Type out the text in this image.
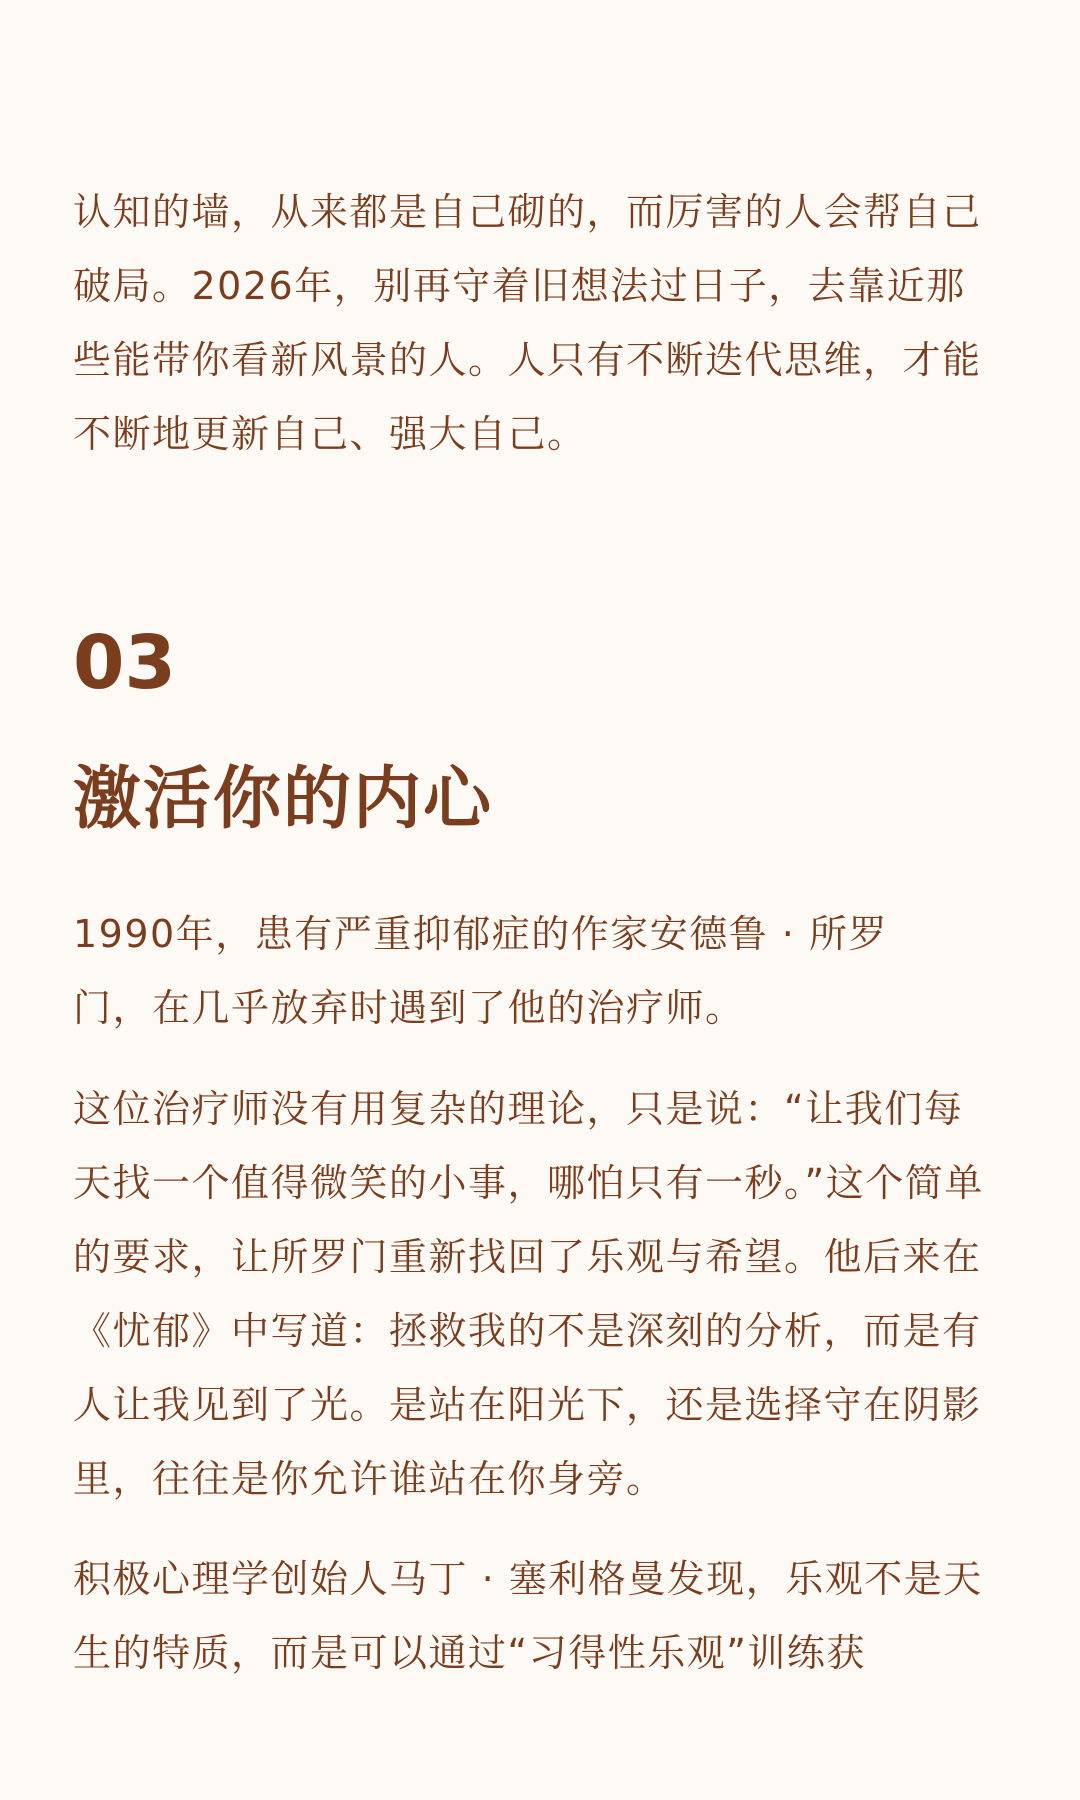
认知的墙，从来都是自己砌的，而厉害的人会帮自己破局。2026年，别再守着旧想法过日子，去靠近那些能带你看新风景的人。人只有不断迭代思维，才能不断地更新自己、强大自己。

03
激活你的内心

1990年，患有严重抑郁症的作家安德鲁 · 所罗门，在几乎放弃时遇到了他的治疗师。

这位治疗师没有用复杂的理论，只是说：“让我们每天找一个值得微笑的小事，哪怕只有一秒。”这个简单的要求，让所罗门重新找回了乐观与希望。他后来在《忧郁》中写道：拯救我的不是深刻的分析，而是有人让我见到了光。是站在阳光下，还是选择守在阴影里，往往是你允许谁站在你身旁。

积极心理学创始人马丁 · 塞利格曼发现，乐观不是天生的特质，而是可以通过“习得性乐观”训练获
